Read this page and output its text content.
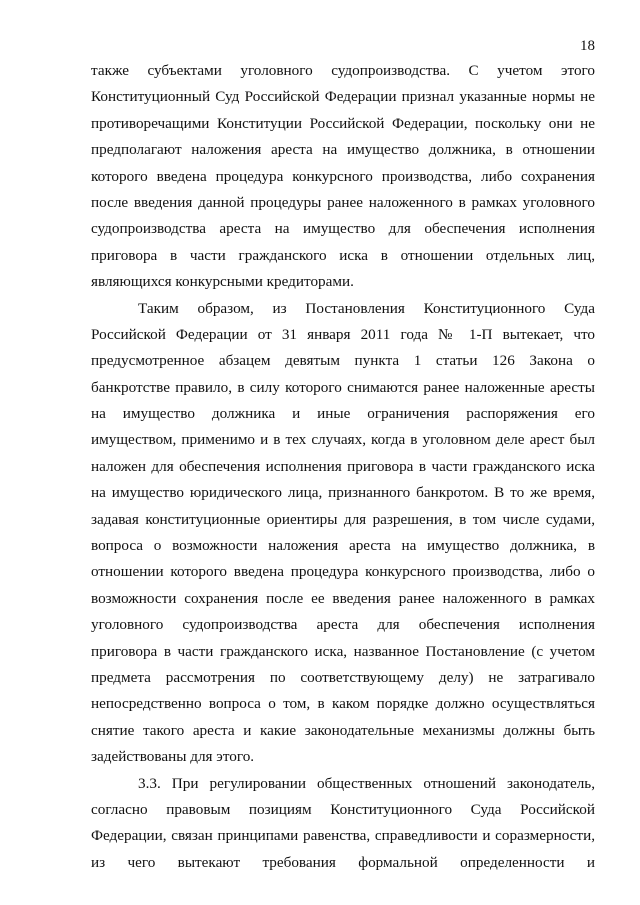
18
также субъектами уголовного судопроизводства. С учетом этого
Конституционный Суд Российской Федерации признал указанные нормы не
противоречащими Конституции Российской Федерации, поскольку они не
предполагают наложения ареста на имущество должника, в отношении
которого введена процедура конкурсного производства, либо сохранения
после введения данной процедуры ранее наложенного в рамках уголовного
судопроизводства ареста на имущество для обеспечения исполнения
приговора в части гражданского иска в отношении отдельных лиц,
являющихся конкурсными кредиторами.
Таким образом, из Постановления Конституционного Суда
Российской Федерации от 31 января 2011 года № 1-П вытекает, что
предусмотренное абзацем девятым пункта 1 статьи 126 Закона о
банкротстве правило, в силу которого снимаются ранее наложенные аресты
на имущество должника и иные ограничения распоряжения его
имуществом, применимо и в тех случаях, когда в уголовном деле арест был
наложен для обеспечения исполнения приговора в части гражданского иска
на имущество юридического лица, признанного банкротом. В то же время,
задавая конституционные ориентиры для разрешения, в том числе судами,
вопроса о возможности наложения ареста на имущество должника, в
отношении которого введена процедура конкурсного производства, либо о
возможности сохранения после ее введения ранее наложенного в рамках
уголовного судопроизводства ареста для обеспечения исполнения
приговора в части гражданского иска, названное Постановление (с учетом
предмета рассмотрения по соответствующему делу) не затрагивало
непосредственно вопроса о том, в каком порядке должно осуществляться
снятие такого ареста и какие законодательные механизмы должны быть
задействованы для этого.
3.3. При регулировании общественных отношений законодатель,
согласно правовым позициям Конституционного Суда Российской
Федерации, связан принципами равенства, справедливости и соразмерности,
из чего вытекают требования формальной определенности и
